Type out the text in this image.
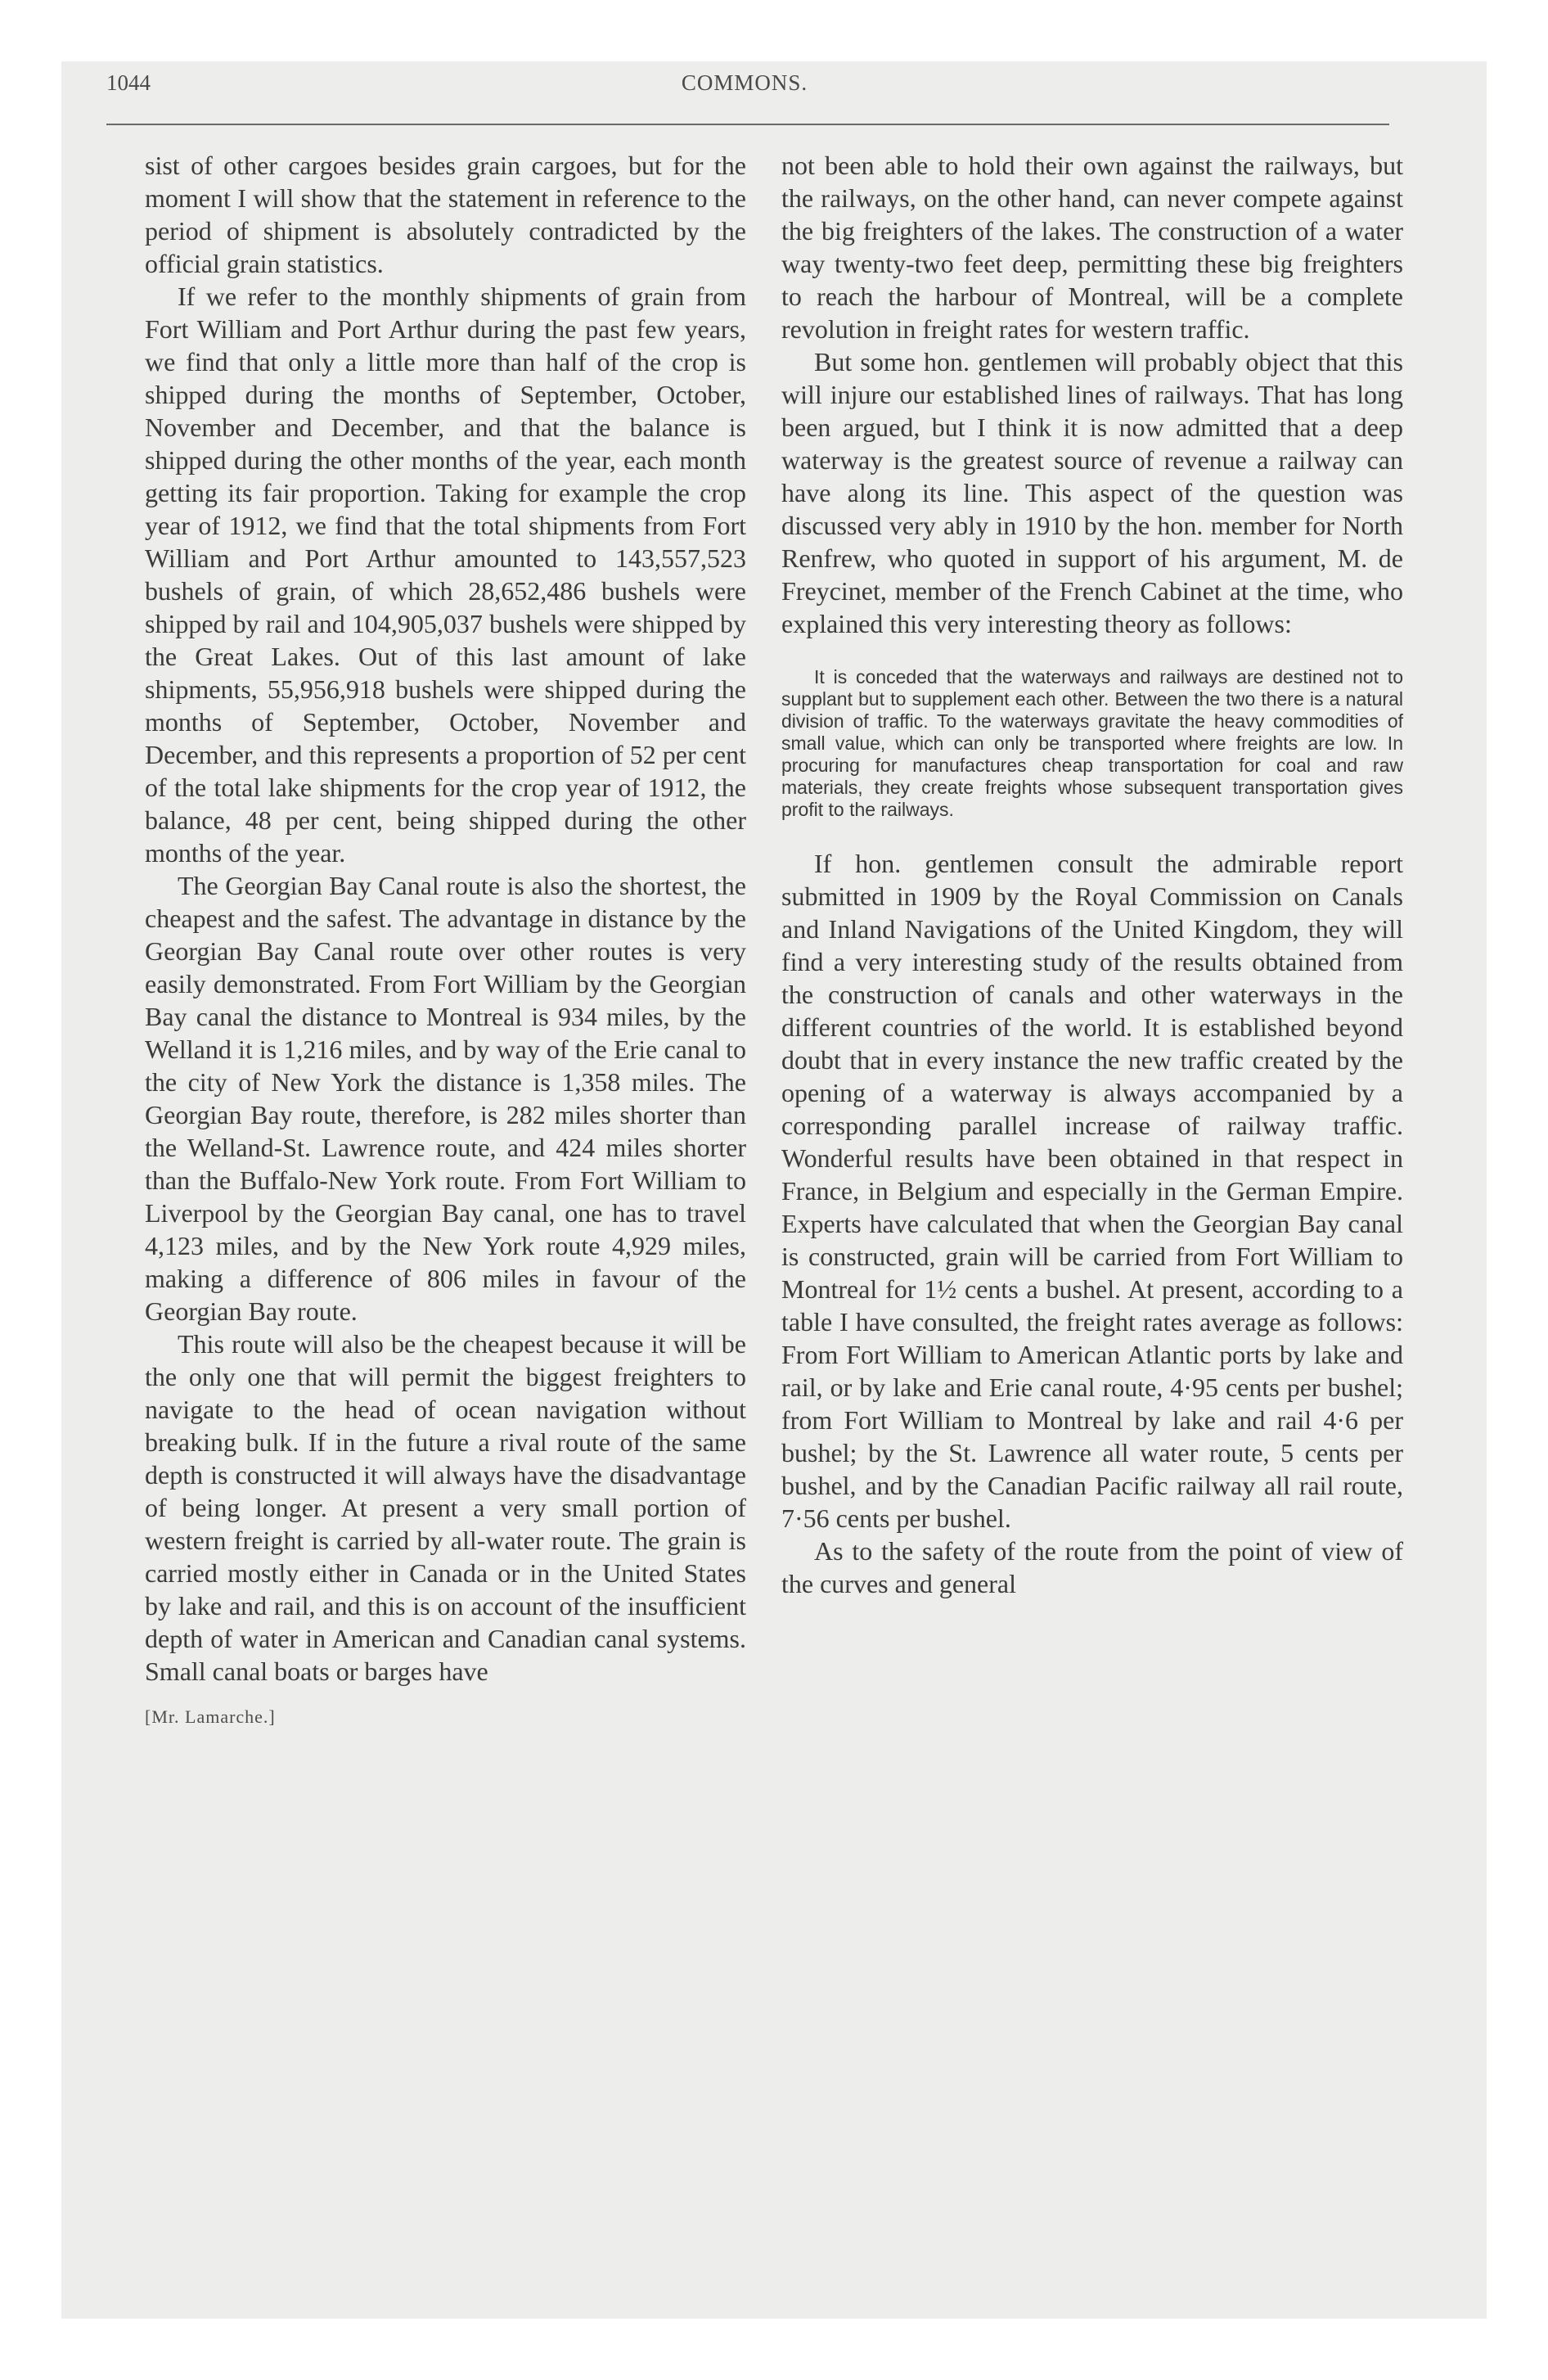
1044	COMMONS.

sist of other cargoes besides grain cargoes, but for the moment I will show that the statement in reference to the period of shipment is absolutely contradicted by the official grain statistics.

If we refer to the monthly shipments of grain from Fort William and Port Arthur during the past few years, we find that only a little more than half of the crop is shipped during the months of September, October, November and December, and that the balance is shipped during the other months of the year, each month getting its fair proportion. Taking for example the crop year of 1912, we find that the total shipments from Fort William and Port Arthur amounted to 143,557,523 bushels of grain, of which 28,652,486 bushels were shipped by rail and 104,905,037 bushels were shipped by the Great Lakes. Out of this last amount of lake shipments, 55,956,918 bushels were shipped during the months of September, October, November and December, and this represents a proportion of 52 per cent of the total lake shipments for the crop year of 1912, the balance, 48 per cent, being shipped during the other months of the year.

The Georgian Bay Canal route is also the shortest, the cheapest and the safest. The advantage in distance by the Georgian Bay Canal route over other routes is very easily demonstrated. From Fort William by the Georgian Bay canal the distance to Montreal is 934 miles, by the Welland it is 1,216 miles, and by way of the Erie canal to the city of New York the distance is 1,358 miles. The Georgian Bay route, therefore, is 282 miles shorter than the Welland-St. Lawrence route, and 424 miles shorter than the Buffalo-New York route. From Fort William to Liverpool by the Georgian Bay canal, one has to travel 4,123 miles, and by the New York route 4,929 miles, making a difference of 806 miles in favour of the Georgian Bay route.

This route will also be the cheapest because it will be the only one that will permit the biggest freighters to navigate to the head of ocean navigation without breaking bulk. If in the future a rival route of the same depth is constructed it will always have the disadvantage of being longer. At present a very small portion of western freight is carried by all-water route. The grain is carried mostly either in Canada or in the United States by lake and rail, and this is on account of the insufficient depth of water in American and Canadian canal systems. Small canal boats or barges have

[Mr. Lamarche.]

not been able to hold their own against the railways, but the railways, on the other hand, can never compete against the big freighters of the lakes. The construction of a water way twenty-two feet deep, permitting these big freighters to reach the harbour of Montreal, will be a complete revolution in freight rates for western traffic.

But some hon. gentlemen will probably object that this will injure our established lines of railways. That has long been argued, but I think it is now admitted that a deep waterway is the greatest source of revenue a railway can have along its line. This aspect of the question was discussed very ably in 1910 by the hon. member for North Renfrew, who quoted in support of his argument, M. de Freycinet, member of the French Cabinet at the time, who explained this very interesting theory as follows:

It is conceded that the waterways and railways are destined not to supplant but to supplement each other. Between the two there is a natural division of traffic. To the waterways gravitate the heavy commodities of small value, which can only be transported where freights are low. In procuring for manufactures cheap transportation for coal and raw materials, they create freights whose subsequent transportation gives profit to the railways.

If hon. gentlemen consult the admirable report submitted in 1909 by the Royal Commission on Canals and Inland Navigations of the United Kingdom, they will find a very interesting study of the results obtained from the construction of canals and other waterways in the different countries of the world. It is established beyond doubt that in every instance the new traffic created by the opening of a waterway is always accompanied by a corresponding parallel increase of railway traffic. Wonderful results have been obtained in that respect in France, in Belgium and especially in the German Empire. Experts have calculated that when the Georgian Bay canal is constructed, grain will be carried from Fort William to Montreal for 1½ cents a bushel. At present, according to a table I have consulted, the freight rates average as follows: From Fort William to American Atlantic ports by lake and rail, or by lake and Erie canal route, 4·95 cents per bushel; from Fort William to Montreal by lake and rail 4·6 per bushel; by the St. Lawrence all water route, 5 cents per bushel, and by the Canadian Pacific railway all rail route, 7·56 cents per bushel.

As to the safety of the route from the point of view of the curves and general
